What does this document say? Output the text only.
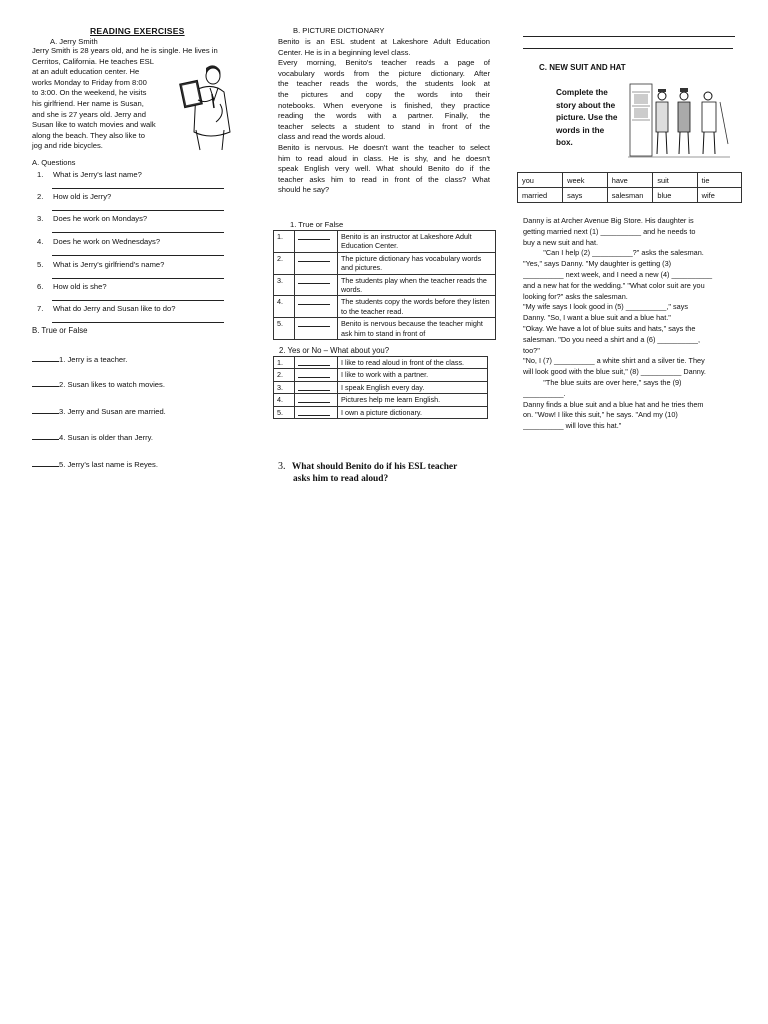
READING EXERCISES
A. Jerry Smith
Jerry Smith is 28 years old, and he is single. He lives in
Cerritos, California. He teaches ESL
at an adult education center. He
works Monday to Friday from 8:00
to 3:00. On the weekend, he visits
his girlfriend. Her name is Susan,
and she is 27 years old. Jerry and
Susan like to watch movies and walk
along the beach. They also like to
jog and ride bicycles.
A. Questions
1. What is Jerry's last name?
2. How old is Jerry?
3. Does he work on Mondays?
4. Does he work on Wednesdays?
5. What is Jerry's girlfriend's name?
6. How old is she?
7. What do Jerry and Susan like to do?
B. True or False
1. Jerry is a teacher.
2. Susan likes to watch movies.
3. Jerry and Susan are married.
4. Susan is older than Jerry.
5. Jerry's last name is Reyes.
B. PICTURE DICTIONARY
Benito is an ESL student at Lakeshore Adult Education
Center. He is in a beginning level class.
Every morning, Benito's teacher reads a page of
vocabulary words from the picture dictionary. After
the teacher reads the words, the students look at
the pictures and copy the words into their
notebooks. When everyone is finished, they practice
reading the words with a partner. Finally, the
teacher selects a student to stand in front of the
class and read the words aloud.
Benito is nervous. He doesn't want the teacher to select
him to read aloud in class. He is shy, and he doesn't
speak English very well. What should Benito do if the
teacher asks him to read in front of the class? What
should he say?
1. True or False
1.		Benito is an instructor at Lakeshore Adult Education Center.
2.		The picture dictionary has vocabulary words and pictures.
3.		The students play when the teacher reads the words.
4.		The students copy the words before they listen to the teacher read.
5.		Benito is nervous because the teacher might ask him to stand in front of
2. Yes or No – What about you?
1.		I like to read aloud in front of the class.
2.		I like to work with a partner.
3.		I speak English every day.
4.		Pictures help me learn English.
5.		I own a picture dictionary.
3. What should Benito do if his ESL teacher
asks him to read aloud?
C. NEW SUIT AND HAT
Complete the
story about the
picture. Use the
words in the
box.
you	week	have	suit	tie
married	says	salesman	blue	wife
Danny is at Archer Avenue Big Store. His daughter is
getting married next (1) __________ and he needs to
buy a new suit and hat.
"Can I help (2) __________?" asks the salesman.
"Yes," says Danny. "My daughter is getting (3)
__________ next week, and I need a new (4) __________
and a new hat for the wedding." "What color suit are you
looking for?" asks the salesman.
"My wife says I look good in (5) __________," says
Danny. "So, I want a blue suit and a blue hat."
"Okay. We have a lot of blue suits and hats," says the
salesman. "Do you need a shirt and a (6) __________,
too?"
"No, I (7) __________ a white shirt and a silver tie. They
will look good with the blue suit," (8) __________ Danny.
"The blue suits are over here," says the (9)
__________.
Danny finds a blue suit and a blue hat and he tries them
on. "Wow! I like this suit," he says. "And my (10)
__________ will love this hat."
